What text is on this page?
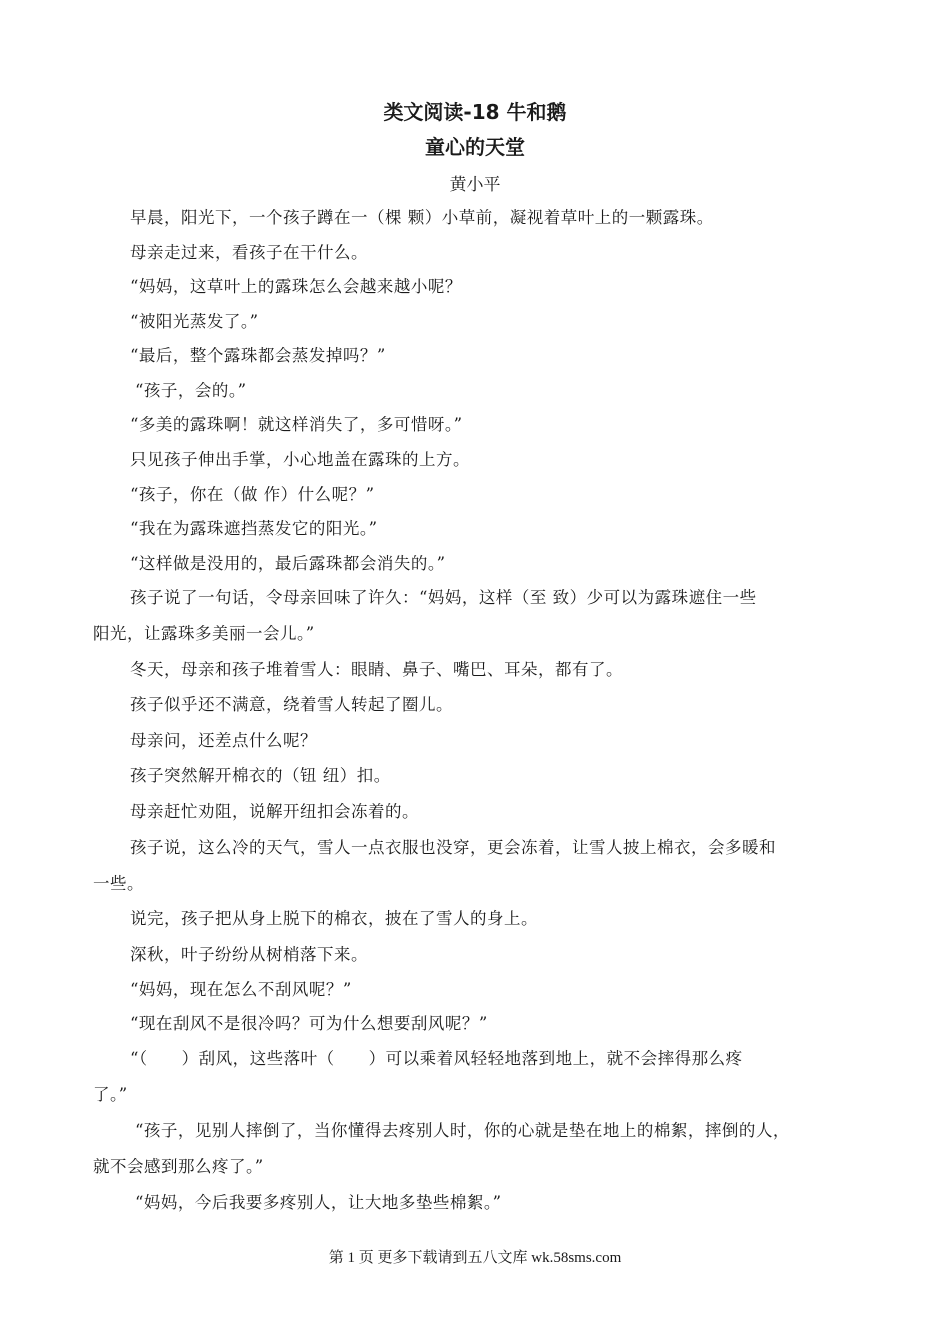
类文阅读-18 牛和鹅
童心的天堂
黄小平
早晨，阳光下，一个孩子蹲在一（棵 颗）小草前，凝视着草叶上的一颗露珠。
母亲走过来，看孩子在干什么。
“妈妈，这草叶上的露珠怎么会越来越小呢？
“被阳光蒸发了。”
“最后，整个露珠都会蒸发掉吗？”
“孩子，会的。”
“多美的露珠啊！就这样消失了，多可惜呀。”
只见孩子伸出手掌，小心地盖在露珠的上方。
“孩子，你在（做 作）什么呢？”
“我在为露珠遮挡蒸发它的阳光。”
“这样做是没用的，最后露珠都会消失的。”
孩子说了一句话，令母亲回味了许久：“妈妈，这样（至 致）少可以为露珠遮住一些
阳光，让露珠多美丽一会儿。”
冬天，母亲和孩子堆着雪人：眼睛、鼻子、嘴巴、耳朵，都有了。
孩子似乎还不满意，绕着雪人转起了圈儿。
母亲问，还差点什么呢？
孩子突然解开棉衣的（钮 纽）扣。
母亲赶忙劝阻，说解开纽扣会冻着的。
孩子说，这么冷的天气，雪人一点衣服也没穿，更会冻着，让雪人披上棉衣，会多暖和
一些。
说完，孩子把从身上脱下的棉衣，披在了雪人的身上。
深秋，叶子纷纷从树梢落下来。
“妈妈，现在怎么不刮风呢？”
“现在刮风不是很冷吗？可为什么想要刮风呢？”
“（　　）刮风，这些落叶（　　）可以乘着风轻轻地落到地上，就不会摔得那么疼
了。”
“孩子，见别人摔倒了，当你懂得去疼别人时，你的心就是垫在地上的棉絮，摔倒的人，
就不会感到那么疼了。”
“妈妈，今后我要多疼别人，让大地多垫些棉絮。”
第 1 页 更多下载请到五八文库 wk.58sms.com
